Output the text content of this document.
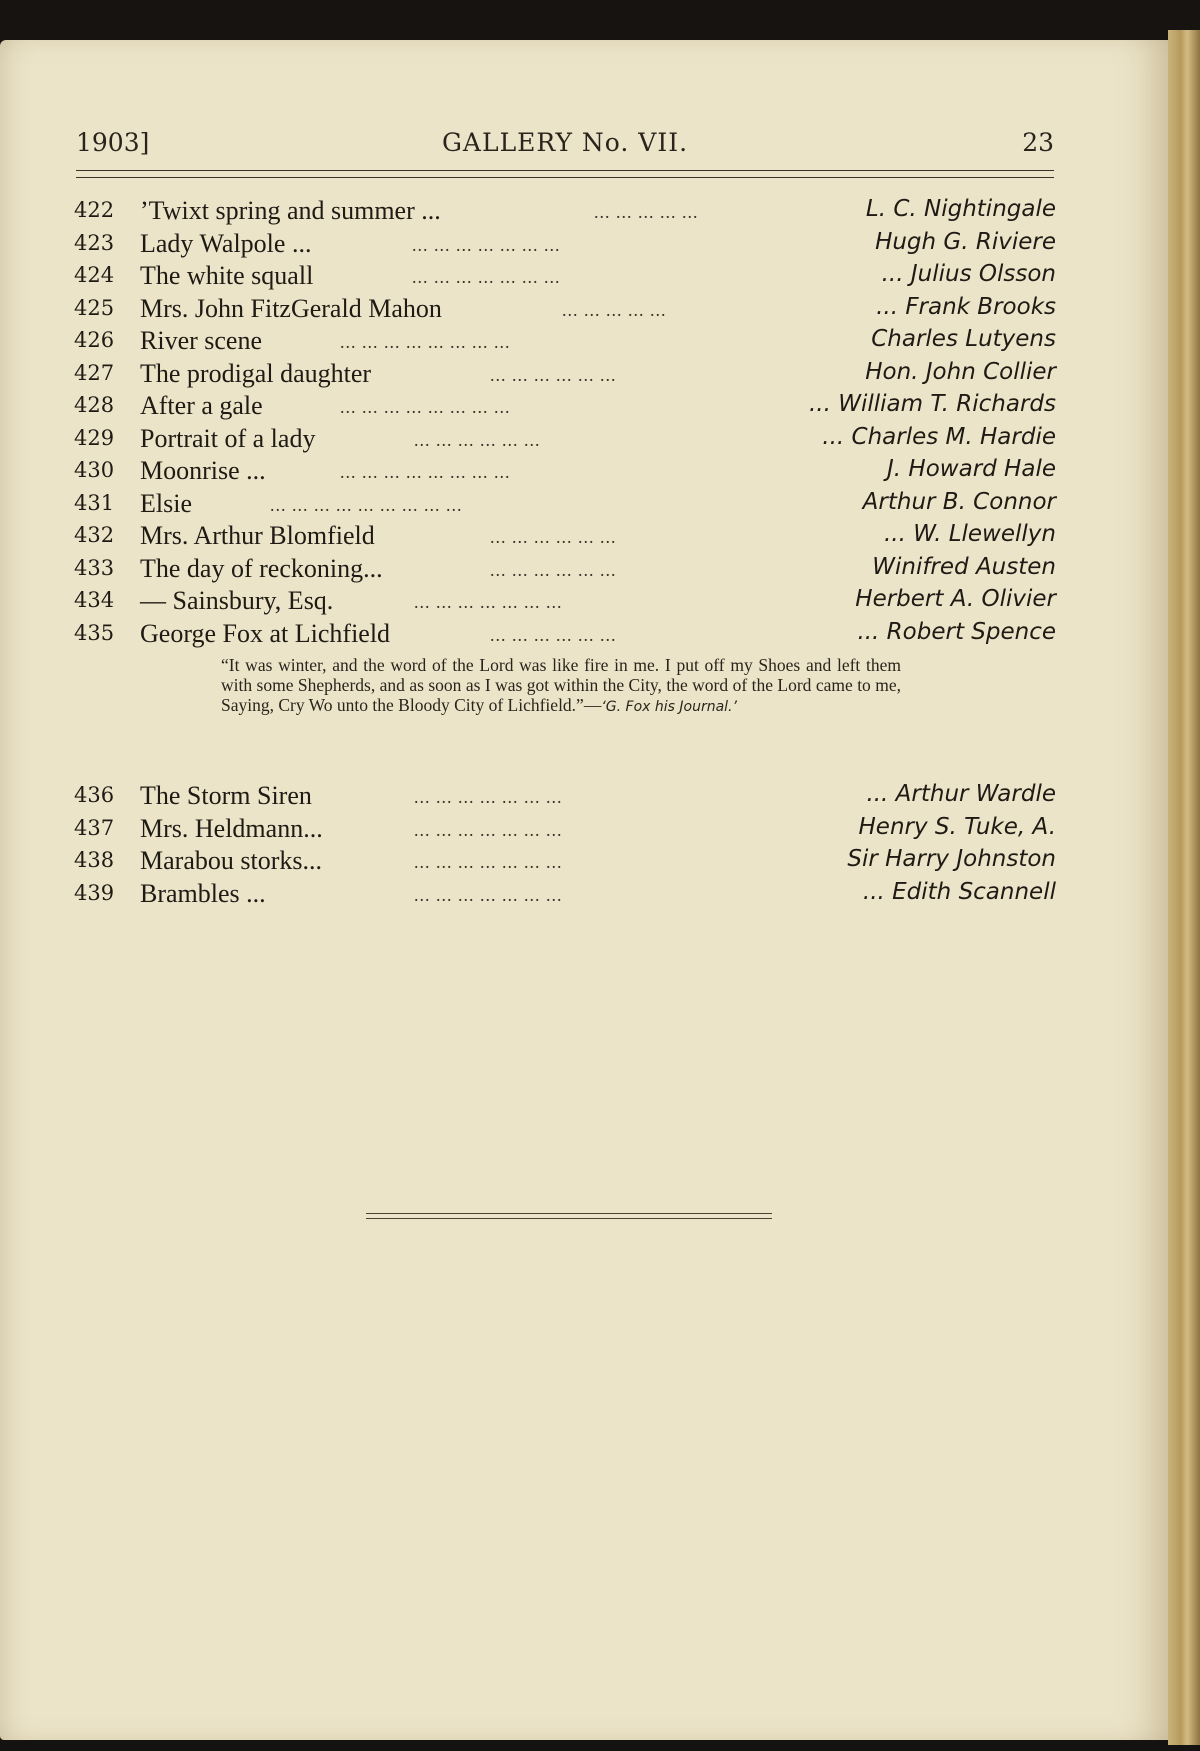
1903]	GALLERY No. VII.	23
422 ’Twixt spring and summer ...	... ... ... ... ...	L. C. Nightingale
423 Lady Walpole ...	... ... ... ... ... ... ...	Hugh G. Riviere
424 The white squall	... ... ... ... ... ... ...	... Julius Olsson
425 Mrs. John FitzGerald Mahon	... ... ... ... ...	... Frank Brooks
426 River scene	... ... ... ... ... ... ... ...	Charles Lutyens
427 The prodigal daughter	... ... ... ... ... ...	Hon. John Collier
428 After a gale	... ... ... ... ... ... ... ...	... William T. Richards
429 Portrait of a lady	... ... ... ... ... ...	... Charles M. Hardie
430 Moonrise ...	... ... ... ... ... ... ... ...	J. Howard Hale
431 Elsie	... ... ... ... ... ... ... ... ...	Arthur B. Connor
432 Mrs. Arthur Blomfield	... ... ... ... ... ...	... W. Llewellyn
433 The day of reckoning...	... ... ... ... ... ...	Winifred Austen
434 — Sainsbury, Esq.	... ... ... ... ... ... ...	Herbert A. Olivier
435 George Fox at Lichfield	... ... ... ... ... ...	... Robert Spence
“It was winter, and the word of the Lord was like fire in me. I put off my Shoes and left them with some Shepherds, and as soon as I was got within the City, the word of the Lord came to me, Saying, Cry Wo unto the Bloody City of Lichfield.”—‘G. Fox his Journal.’
436 The Storm Siren	... ... ... ... ... ... ...	... Arthur Wardle
437 Mrs. Heldmann...	... ... ... ... ... ... ...	Henry S. Tuke, A.
438 Marabou storks...	... ... ... ... ... ... ...	Sir Harry Johnston
439 Brambles ...	... ... ... ... ... ... ...	... Edith Scannell
